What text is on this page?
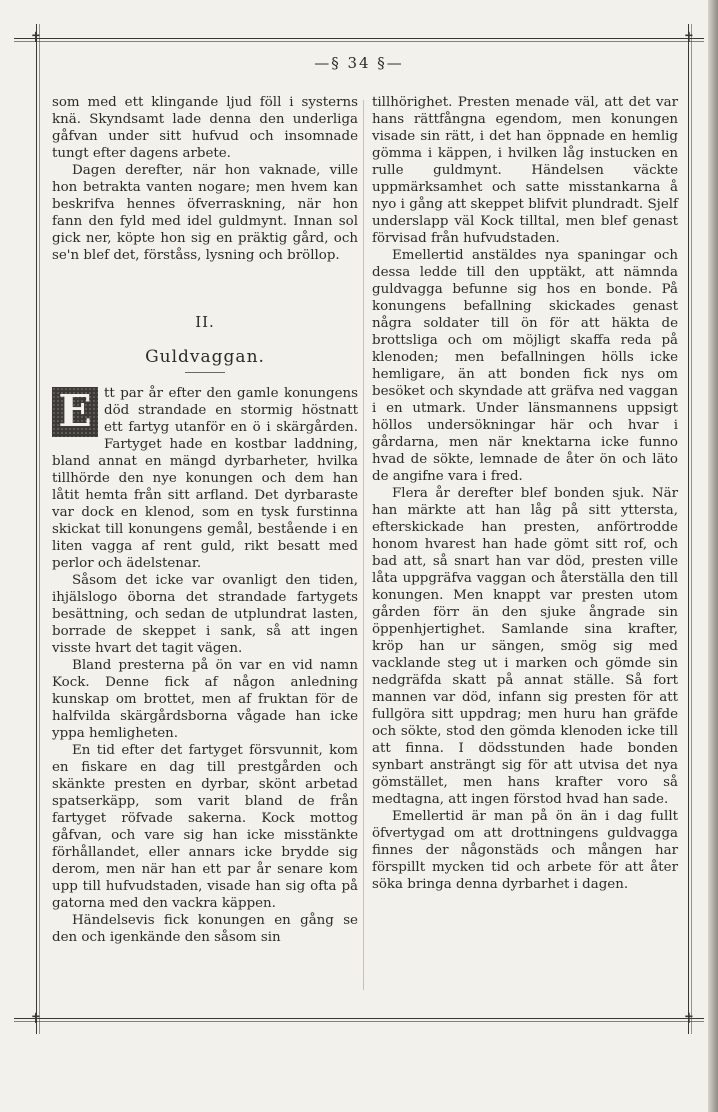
✝	✝
✝	✝
—§ 34 §—

som med ett klingande ljud föll i systerns knä. Skyndsamt lade denna den underliga gåfvan under sitt hufvud och insomnade tungt efter dagens arbete.

Dagen derefter, när hon vaknade, ville hon betrakta vanten nogare; men hvem kan beskrifva hennes öfverraskning, när hon fann den fyld med idel guldmynt. Innan sol gick ner, köpte hon sig en präktig gård, och se'n blef det, förståss, lysning och bröllop.

II.
Guldvaggan.

E tt par år efter den gamle konungens död strandade en stormig höstnatt ett fartyg utanför en ö i skärgården. Fartyget hade en kostbar laddning, bland annat en mängd dyrbarheter, hvilka tillhörde den nye konungen och dem han låtit hemta från sitt arfland. Det dyrbaraste var dock en klenod, som en tysk furstinna skickat till konungens gemål, bestående i en liten vagga af rent guld, rikt besatt med perlor och ädelstenar.

Såsom det icke var ovanligt den tiden, ihjälslogo öborna det strandade fartygets besättning, och sedan de utplundrat lasten, borrade de skeppet i sank, så att ingen visste hvart det tagit vägen.

Bland presterna på ön var en vid namn Kock. Denne fick af någon anledning kunskap om brottet, men af fruktan för de halfvilda skärgårdsborna vågade han icke yppa hemligheten.

En tid efter det fartyget försvunnit, kom en fiskare en dag till prestgården och skänkte presten en dyrbar, skönt arbetad spatserkäpp, som varit bland de från fartyget röfvade sakerna. Kock mottog gåfvan, och vare sig han icke misstänkte förhållandet, eller annars icke brydde sig derom, men när han ett par år senare kom upp till hufvudstaden, visade han sig ofta på gatorna med den vackra käppen.

Händelsevis fick konungen en gång se den och igenkände den såsom sin

tillhörighet. Presten menade väl, att det var hans rättfångna egendom, men konungen visade sin rätt, i det han öppnade en hemlig gömma i käppen, i hvilken låg instucken en rulle guldmynt. Händelsen väckte uppmärksamhet och satte misstankarna å nyo i gång att skeppet blifvit plundradt. Sjelf underslapp väl Kock tilltal, men blef genast förvisad från hufvudstaden.

Emellertid anstäldes nya spaningar och dessa ledde till den upptäkt, att nämnda guldvagga befunne sig hos en bonde. På konungens befallning skickades genast några soldater till ön för att häkta de brottsliga och om möjligt skaffa reda på klenoden; men befallningen hölls icke hemligare, än att bonden fick nys om besöket och skyndade att gräfva ned vaggan i en utmark. Under länsmannens uppsigt höllos undersökningar här och hvar i gårdarna, men när knektarna icke funno hvad de sökte, lemnade de åter ön och läto de angifne vara i fred.

Flera år derefter blef bonden sjuk. När han märkte att han låg på sitt yttersta, efterskickade han presten, anförtrodde honom hvarest han hade gömt sitt rof, och bad att, så snart han var död, presten ville låta uppgräfva vaggan och återställa den till konungen. Men knappt var presten utom gården förr än den sjuke ångrade sin öppenhjertighet. Samlande sina krafter, kröp han ur sängen, smög sig med vacklande steg ut i marken och gömde sin nedgräfda skatt på annat ställe. Så fort mannen var död, infann sig presten för att fullgöra sitt uppdrag; men huru han gräfde och sökte, stod den gömda klenoden icke till att finna. I dödsstunden hade bonden synbart ansträngt sig för att utvisa det nya gömstället, men hans krafter voro så medtagna, att ingen förstod hvad han sade.

Emellertid är man på ön än i dag fullt öfvertygad om att drottningens guldvagga finnes der någonstäds och mången har förspillt mycken tid och arbete för att åter söka bringa denna dyrbarhet i dagen.
